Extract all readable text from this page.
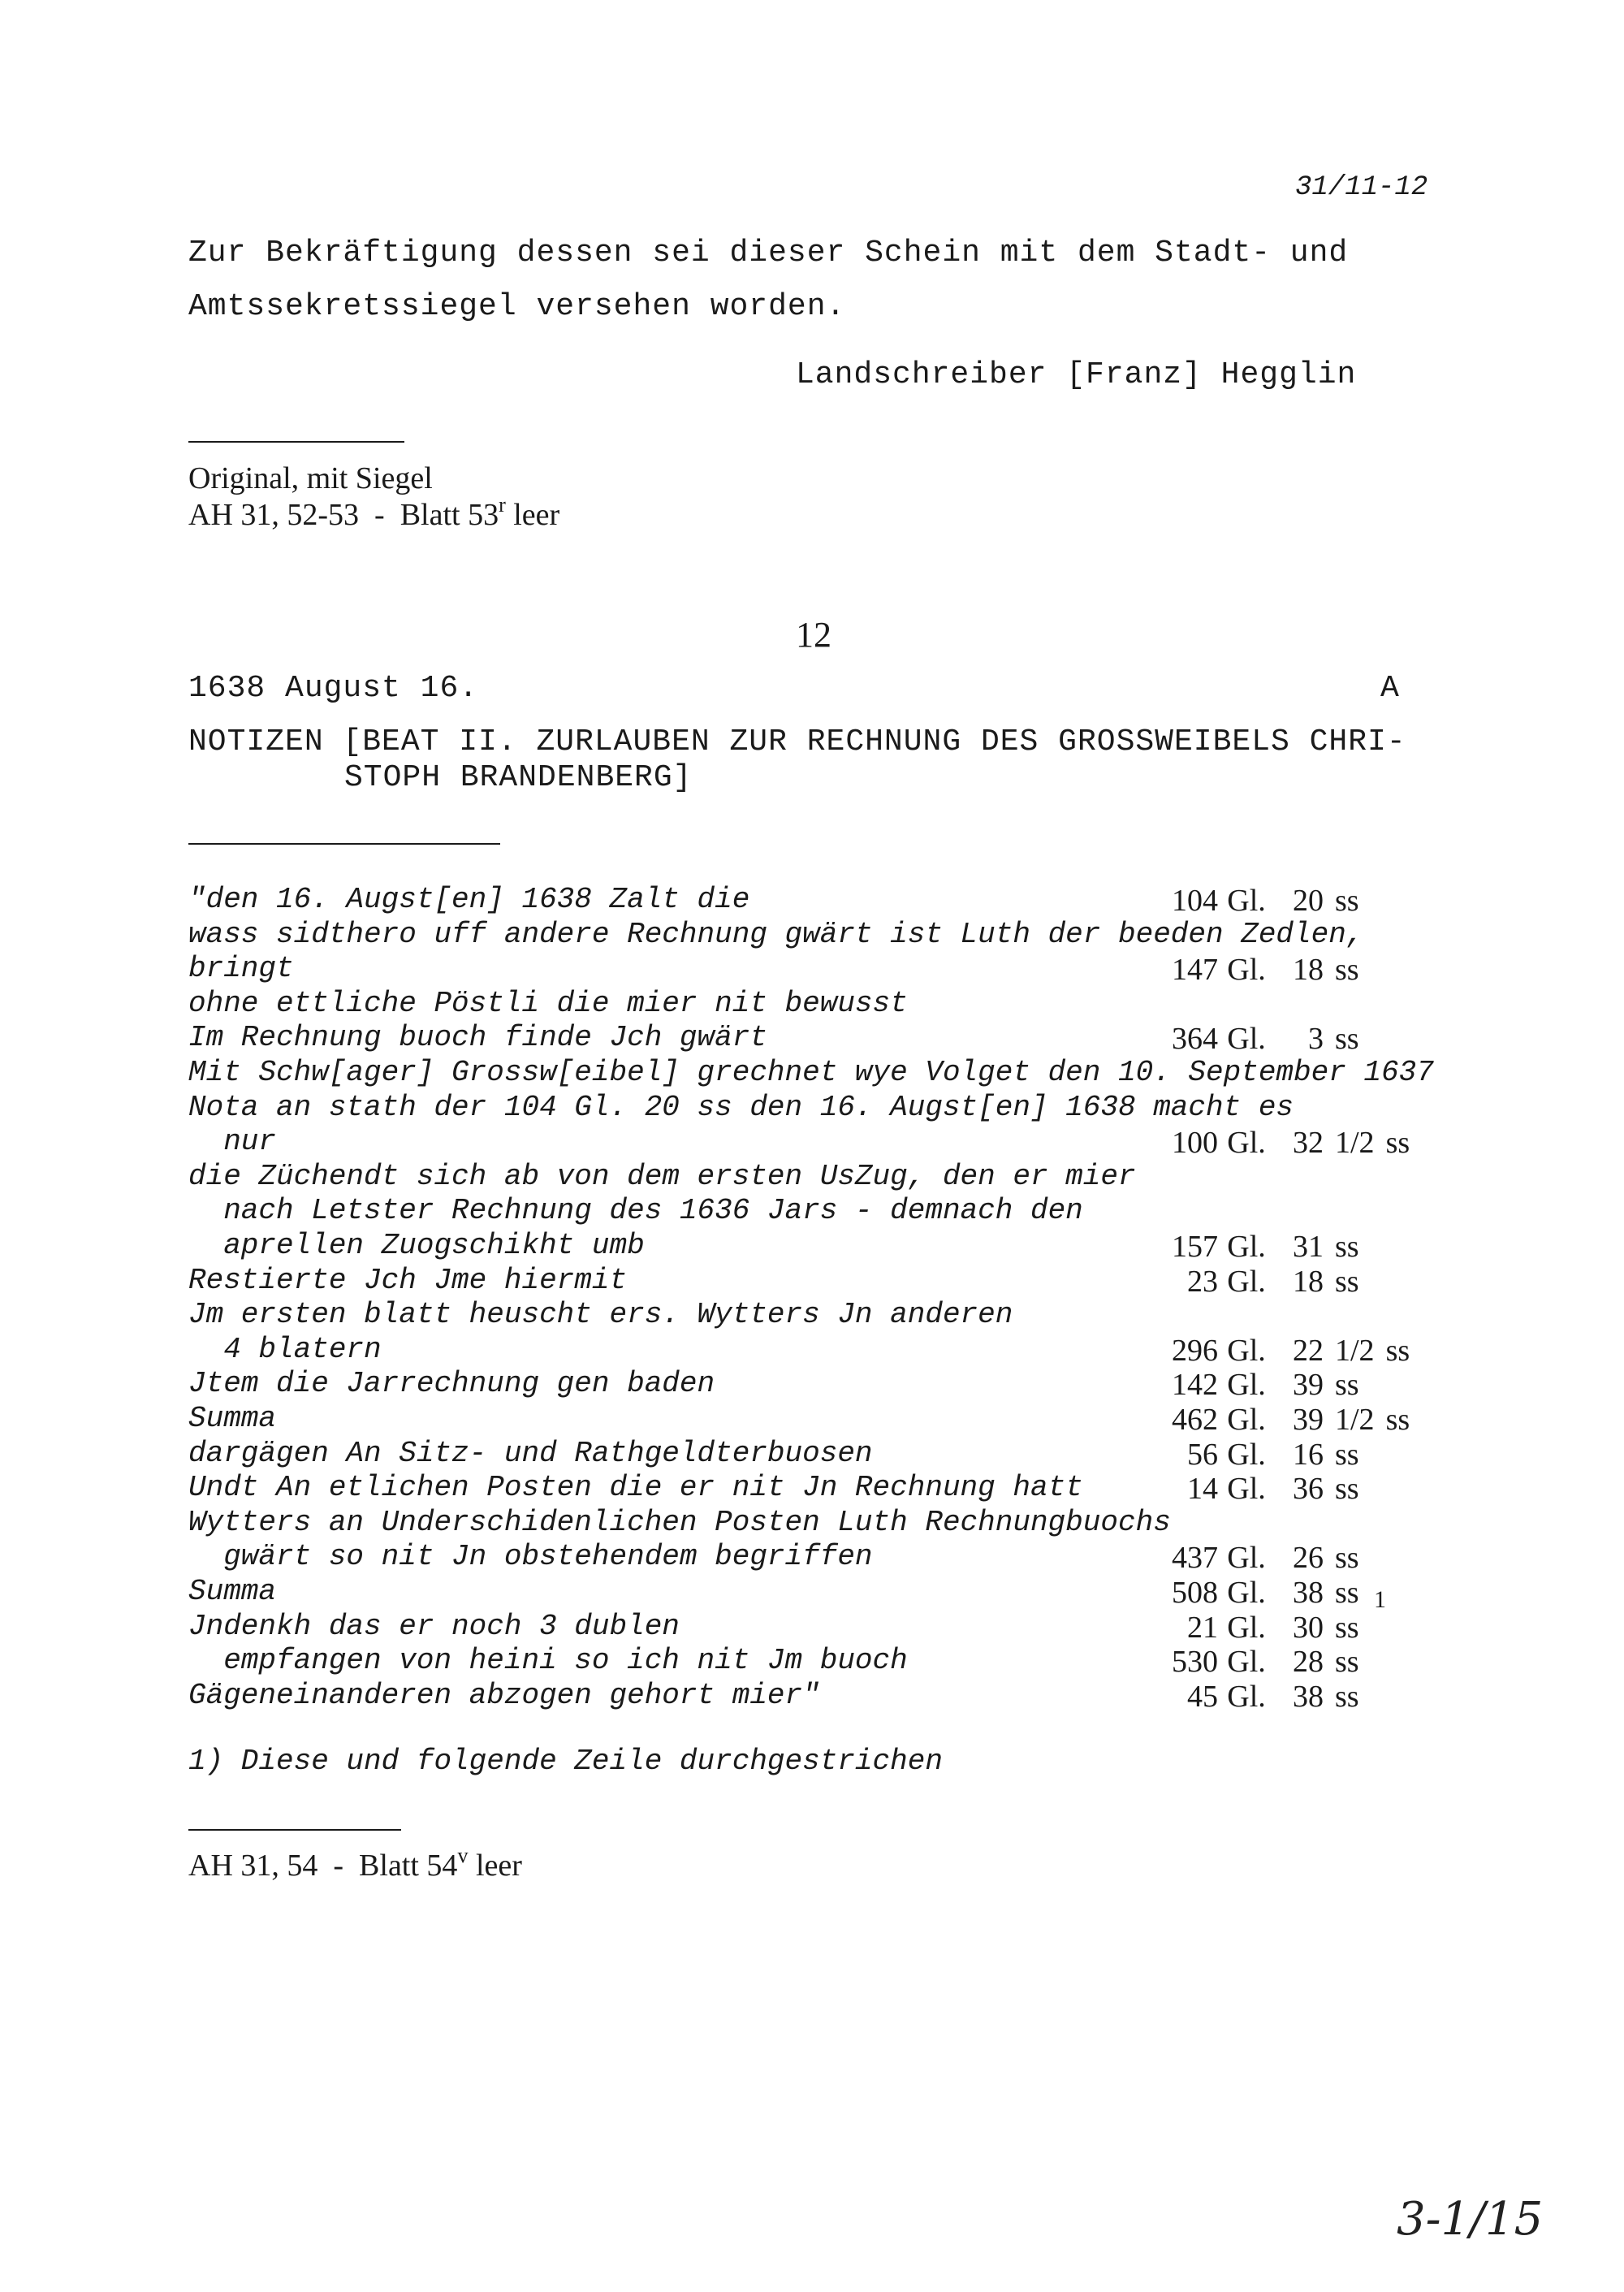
31/11-12
Zur Bekräftigung dessen sei dieser Schein mit dem Stadt- und
Amtssekretssiegel versehen worden.
Landschreiber [Franz] Hegglin
Original, mit Siegel
AH 31, 52-53  -  Blatt 53$^r$ leer
12
1638 August 16.	A
NOTIZEN [BEAT II. ZURLAUBEN ZUR RECHNUNG DES GROSSWEIBELS CHRI-
STOPH BRANDENBERG]
"den 16. Augst[en] 1638 Zalt die	104 Gl. 20 ss
wass sidthero uff andere Rechnung gwärt ist Luth der beeden Zedlen,
bringt	147 Gl. 18 ss
ohne ettliche Pöstli die mier nit bewusst
Im Rechnung buoch finde Jch gwärt	364 Gl. 3 ss
Mit Schw[ager] Grossw[eibel] grechnet wye Volget den 10. September 1637
Nota an stath der 104 Gl. 20 ss den 16. Augst[en] 1638 macht es
nur	100 Gl. 32 1/2 ss
die Züchendt sich ab von dem ersten UsZug, den er mier
nach Letster Rechnung des 1636 Jars - demnach den
aprellen Zuogschikht umb	157 Gl. 31 ss
Restierte Jch Jme hiermit	23 Gl. 18 ss
Jm ersten blatt heuscht ers. Wytters Jn anderen
4 blatern	296 Gl. 22 1/2 ss
Jtem die Jarrechnung gen baden	142 Gl. 39 ss
Summa	462 Gl. 39 1/2 ss
dargägen An Sitz- und Rathgeldterbuosen	56 Gl. 16 ss
Undt An etlichen Posten die er nit Jn Rechnung hatt	14 Gl. 36 ss
Wytters an Underschidenlichen Posten Luth Rechnungbuochs
gwärt so nit Jn obstehendem begriffen	437 Gl. 26 ss
Summa	508 Gl. 38 ss
Jndenkh das er noch 3 dublen	21 Gl. 30 ss
empfangen von heini so ich nit Jm buoch	530 Gl. 28 ss
Gägeneinanderen abzogen gehort mier"	45 Gl. 38 ss
1
1) Diese und folgende Zeile durchgestrichen
AH 31, 54  -  Blatt 54$^v$ leer
3-1/15
